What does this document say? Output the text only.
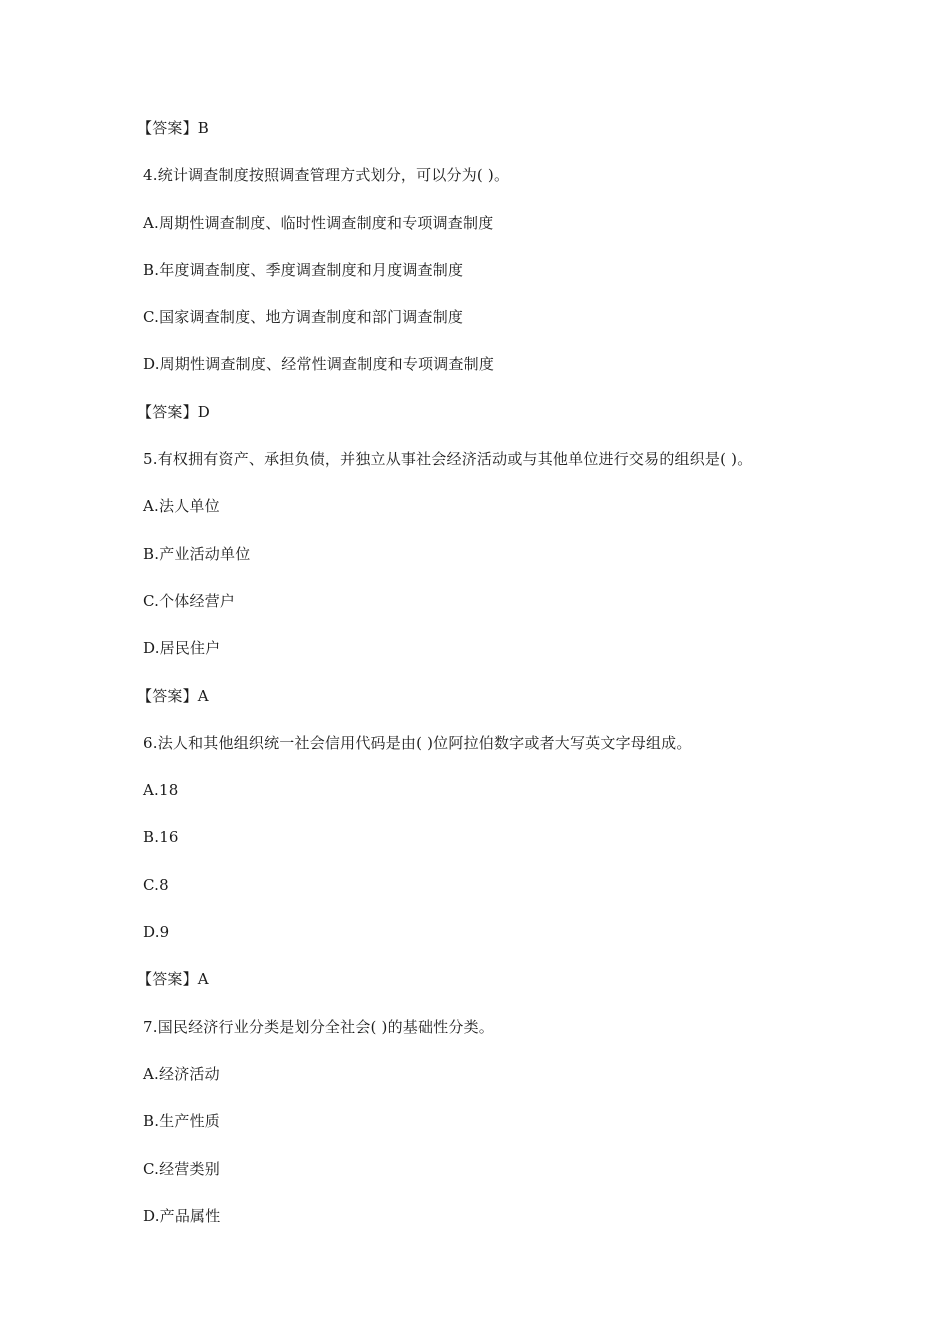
【答案】B
4.统计调查制度按照调查管理方式划分，可以分为( )。
A.周期性调查制度、临时性调查制度和专项调查制度
B.年度调查制度、季度调查制度和月度调查制度
C.国家调查制度、地方调查制度和部门调查制度
D.周期性调查制度、经常性调查制度和专项调查制度
【答案】D
5.有权拥有资产、承担负债，并独立从事社会经济活动或与其他单位进行交易的组织是( )。
A.法人单位
B.产业活动单位
C.个体经营户
D.居民住户
【答案】A
6.法人和其他组织统一社会信用代码是由( )位阿拉伯数字或者大写英文字母组成。
A.18
B.16
C.8
D.9
【答案】A
7.国民经济行业分类是划分全社会( )的基础性分类。
A.经济活动
B.生产性质
C.经营类别
D.产品属性
